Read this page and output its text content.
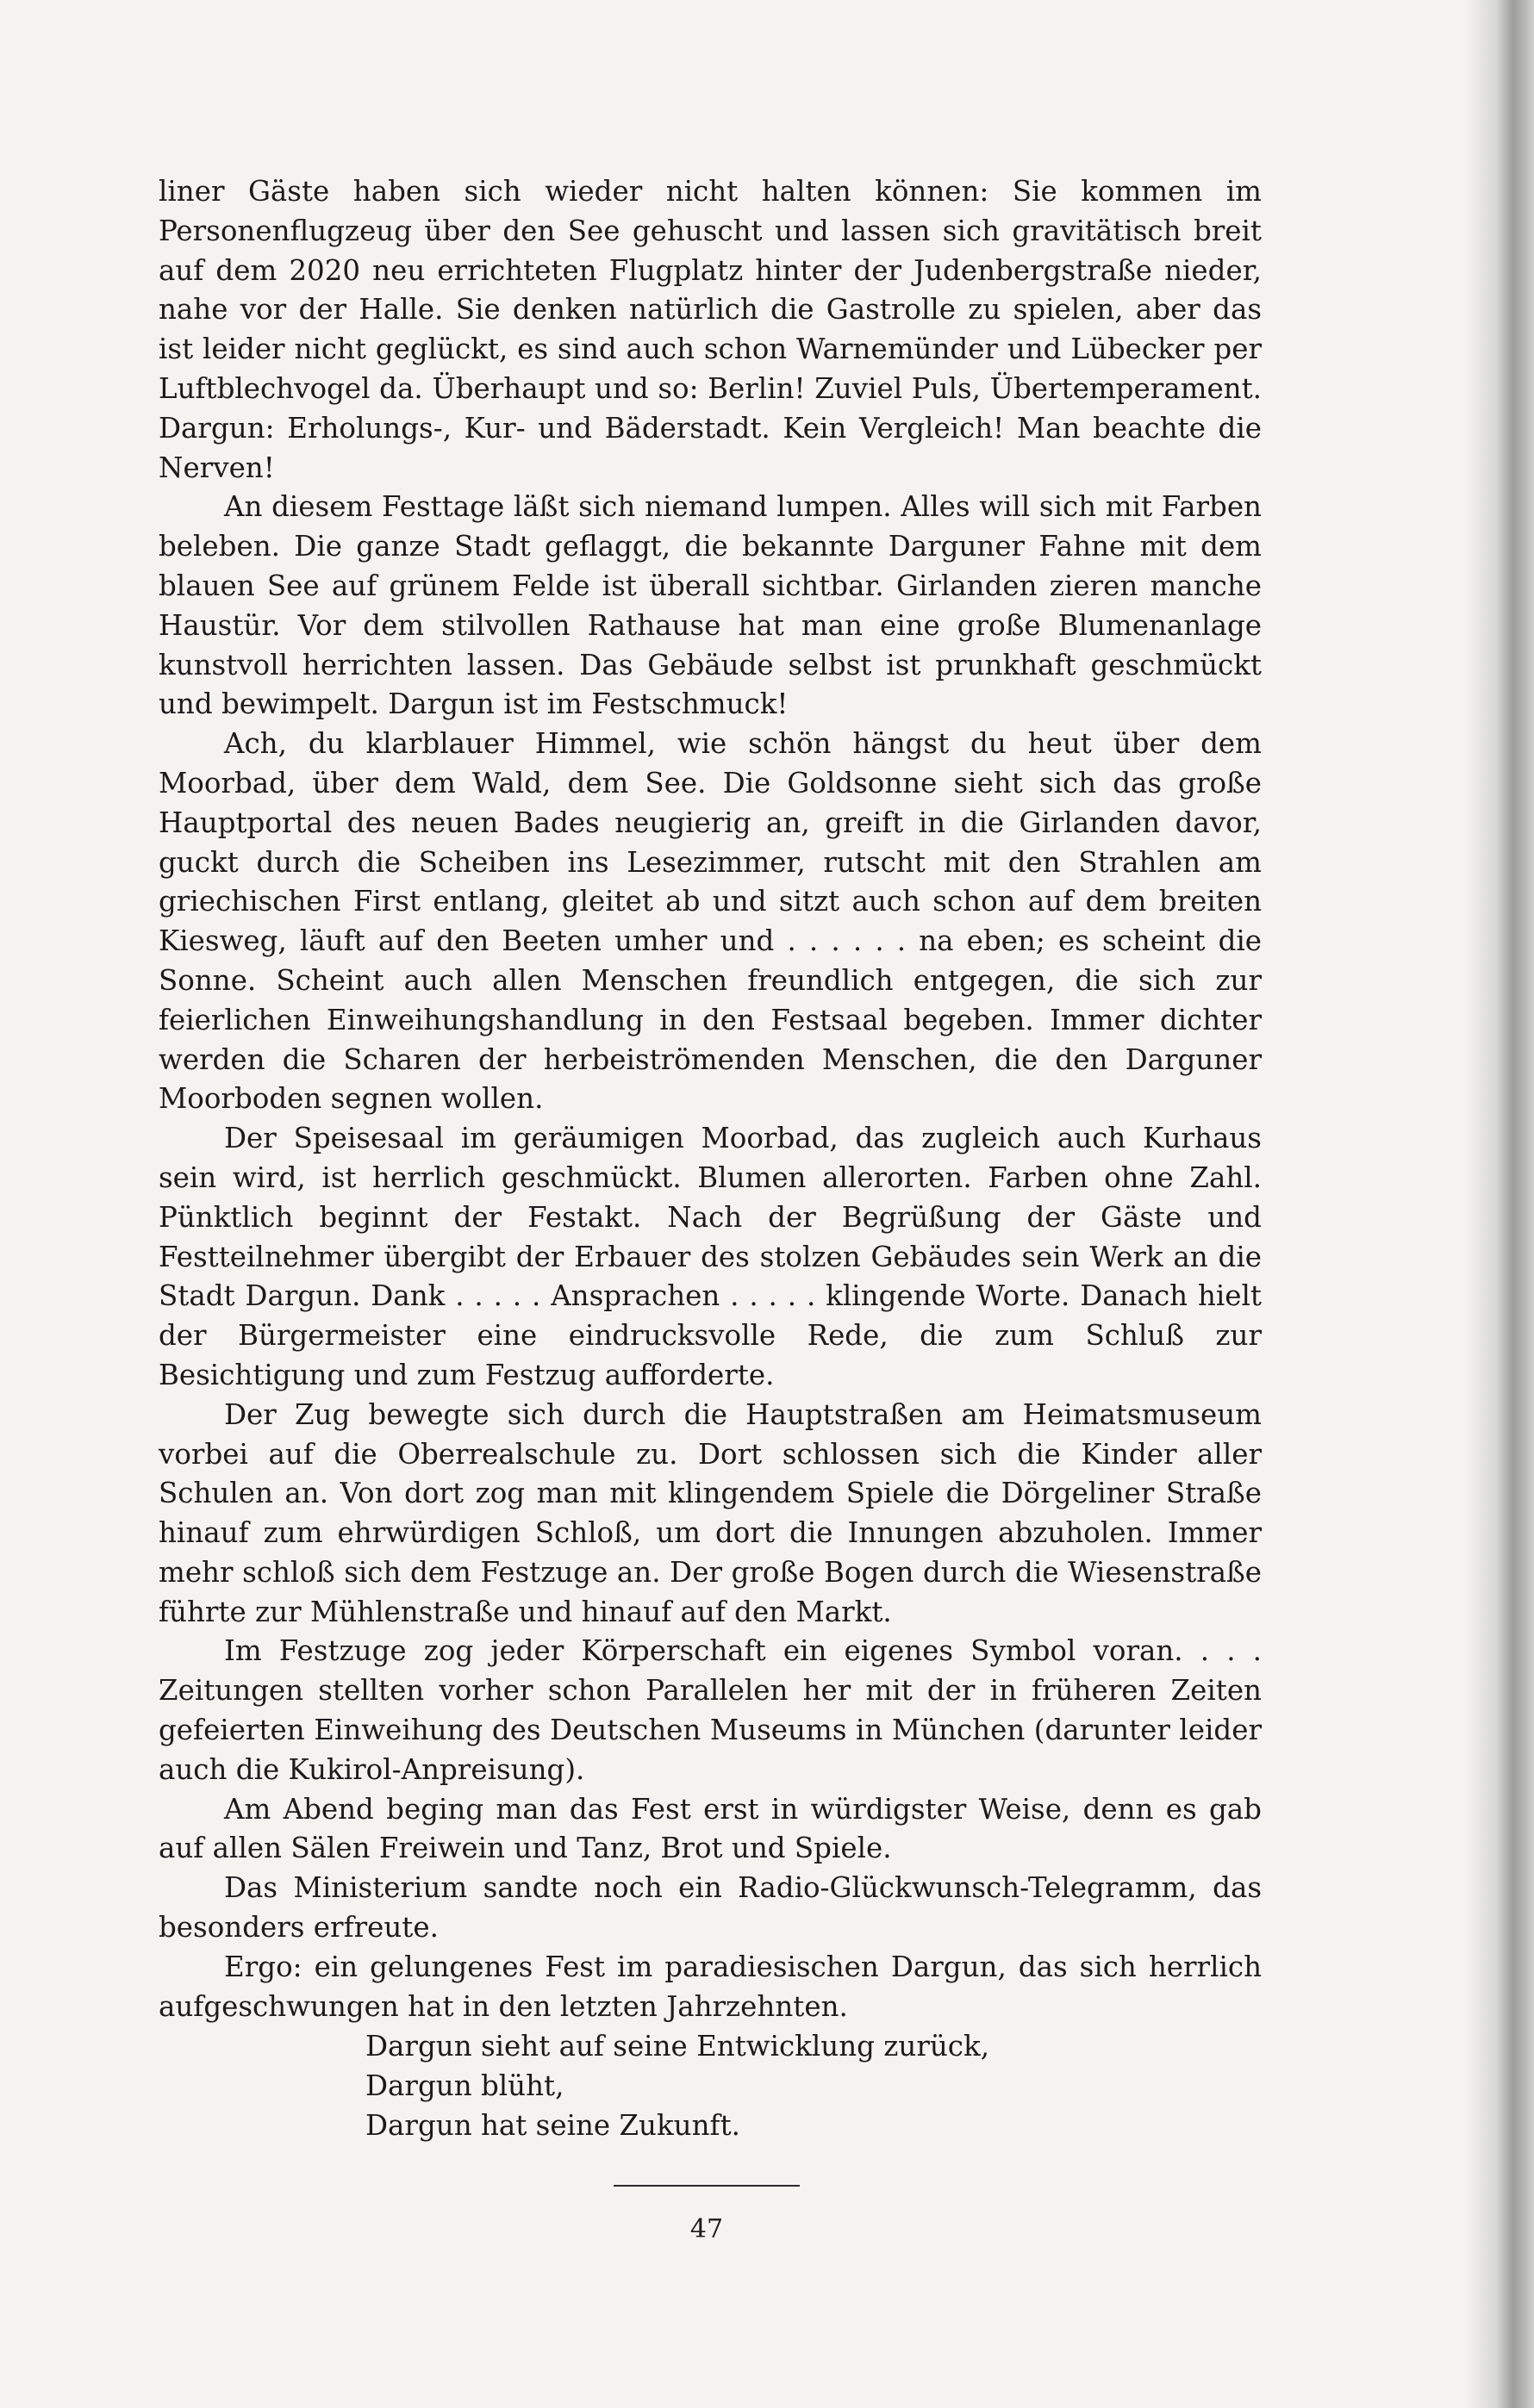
liner Gäste haben sich wieder nicht halten können: Sie kommen im Personenflugzeug über den See gehuscht und lassen sich gravitätisch breit auf dem 2020 neu errichteten Flugplatz hinter der Judenbergstraße nieder, nahe vor der Halle. Sie denken natürlich die Gastrolle zu spielen, aber das ist leider nicht geglückt, es sind auch schon Warnemünder und Lübecker per Luftblechvogel da. Überhaupt und so: Berlin! Zuviel Puls, Übertemperament. Dargun: Erholungs-, Kur- und Bäderstadt. Kein Vergleich! Man beachte die Nerven!

An diesem Festtage läßt sich niemand lumpen. Alles will sich mit Farben beleben. Die ganze Stadt geflaggt, die bekannte Darguner Fahne mit dem blauen See auf grünem Felde ist überall sichtbar. Girlanden zieren manche Haustür. Vor dem stilvollen Rathause hat man eine große Blumenanlage kunstvoll herrichten lassen. Das Gebäude selbst ist prunkhaft geschmückt und bewimpelt. Dargun ist im Festschmuck!

Ach, du klarblauer Himmel, wie schön hängst du heut über dem Moorbad, über dem Wald, dem See. Die Goldsonne sieht sich das große Hauptportal des neuen Bades neugierig an, greift in die Girlanden davor, guckt durch die Scheiben ins Lesezimmer, rutscht mit den Strahlen am griechischen First entlang, gleitet ab und sitzt auch schon auf dem breiten Kiesweg, läuft auf den Beeten umher und . . . . . . na eben; es scheint die Sonne. Scheint auch allen Menschen freundlich entgegen, die sich zur feierlichen Einweihungshandlung in den Festsaal begeben. Immer dichter werden die Scharen der herbeiströmenden Menschen, die den Darguner Moorboden segnen wollen.

Der Speisesaal im geräumigen Moorbad, das zugleich auch Kurhaus sein wird, ist herrlich geschmückt. Blumen allerorten. Farben ohne Zahl. Pünktlich beginnt der Festakt. Nach der Begrüßung der Gäste und Festteilnehmer übergibt der Erbauer des stolzen Gebäudes sein Werk an die Stadt Dargun. Dank . . . . . Ansprachen . . . . . klingende Worte. Danach hielt der Bürgermeister eine eindrucksvolle Rede, die zum Schluß zur Besichtigung und zum Festzug aufforderte.

Der Zug bewegte sich durch die Hauptstraßen am Heimatsmuseum vorbei auf die Oberrealschule zu. Dort schlossen sich die Kinder aller Schulen an. Von dort zog man mit klingendem Spiele die Dörgeliner Straße hinauf zum ehrwürdigen Schloß, um dort die Innungen abzuholen. Immer mehr schloß sich dem Festzuge an. Der große Bogen durch die Wiesenstraße führte zur Mühlenstraße und hinauf auf den Markt.

Im Festzuge zog jeder Körperschaft ein eigenes Symbol voran. . . . Zeitungen stellten vorher schon Parallelen her mit der in früheren Zeiten gefeierten Einweihung des Deutschen Museums in München (darunter leider auch die Kukirol-Anpreisung).

Am Abend beging man das Fest erst in würdigster Weise, denn es gab auf allen Sälen Freiwein und Tanz, Brot und Spiele.

Das Ministerium sandte noch ein Radio-Glückwunsch-Telegramm, das besonders erfreute.

Ergo: ein gelungenes Fest im paradiesischen Dargun, das sich herrlich aufgeschwungen hat in den letzten Jahrzehnten.

Dargun sieht auf seine Entwicklung zurück,
Dargun blüht,
Dargun hat seine Zukunft.
47
